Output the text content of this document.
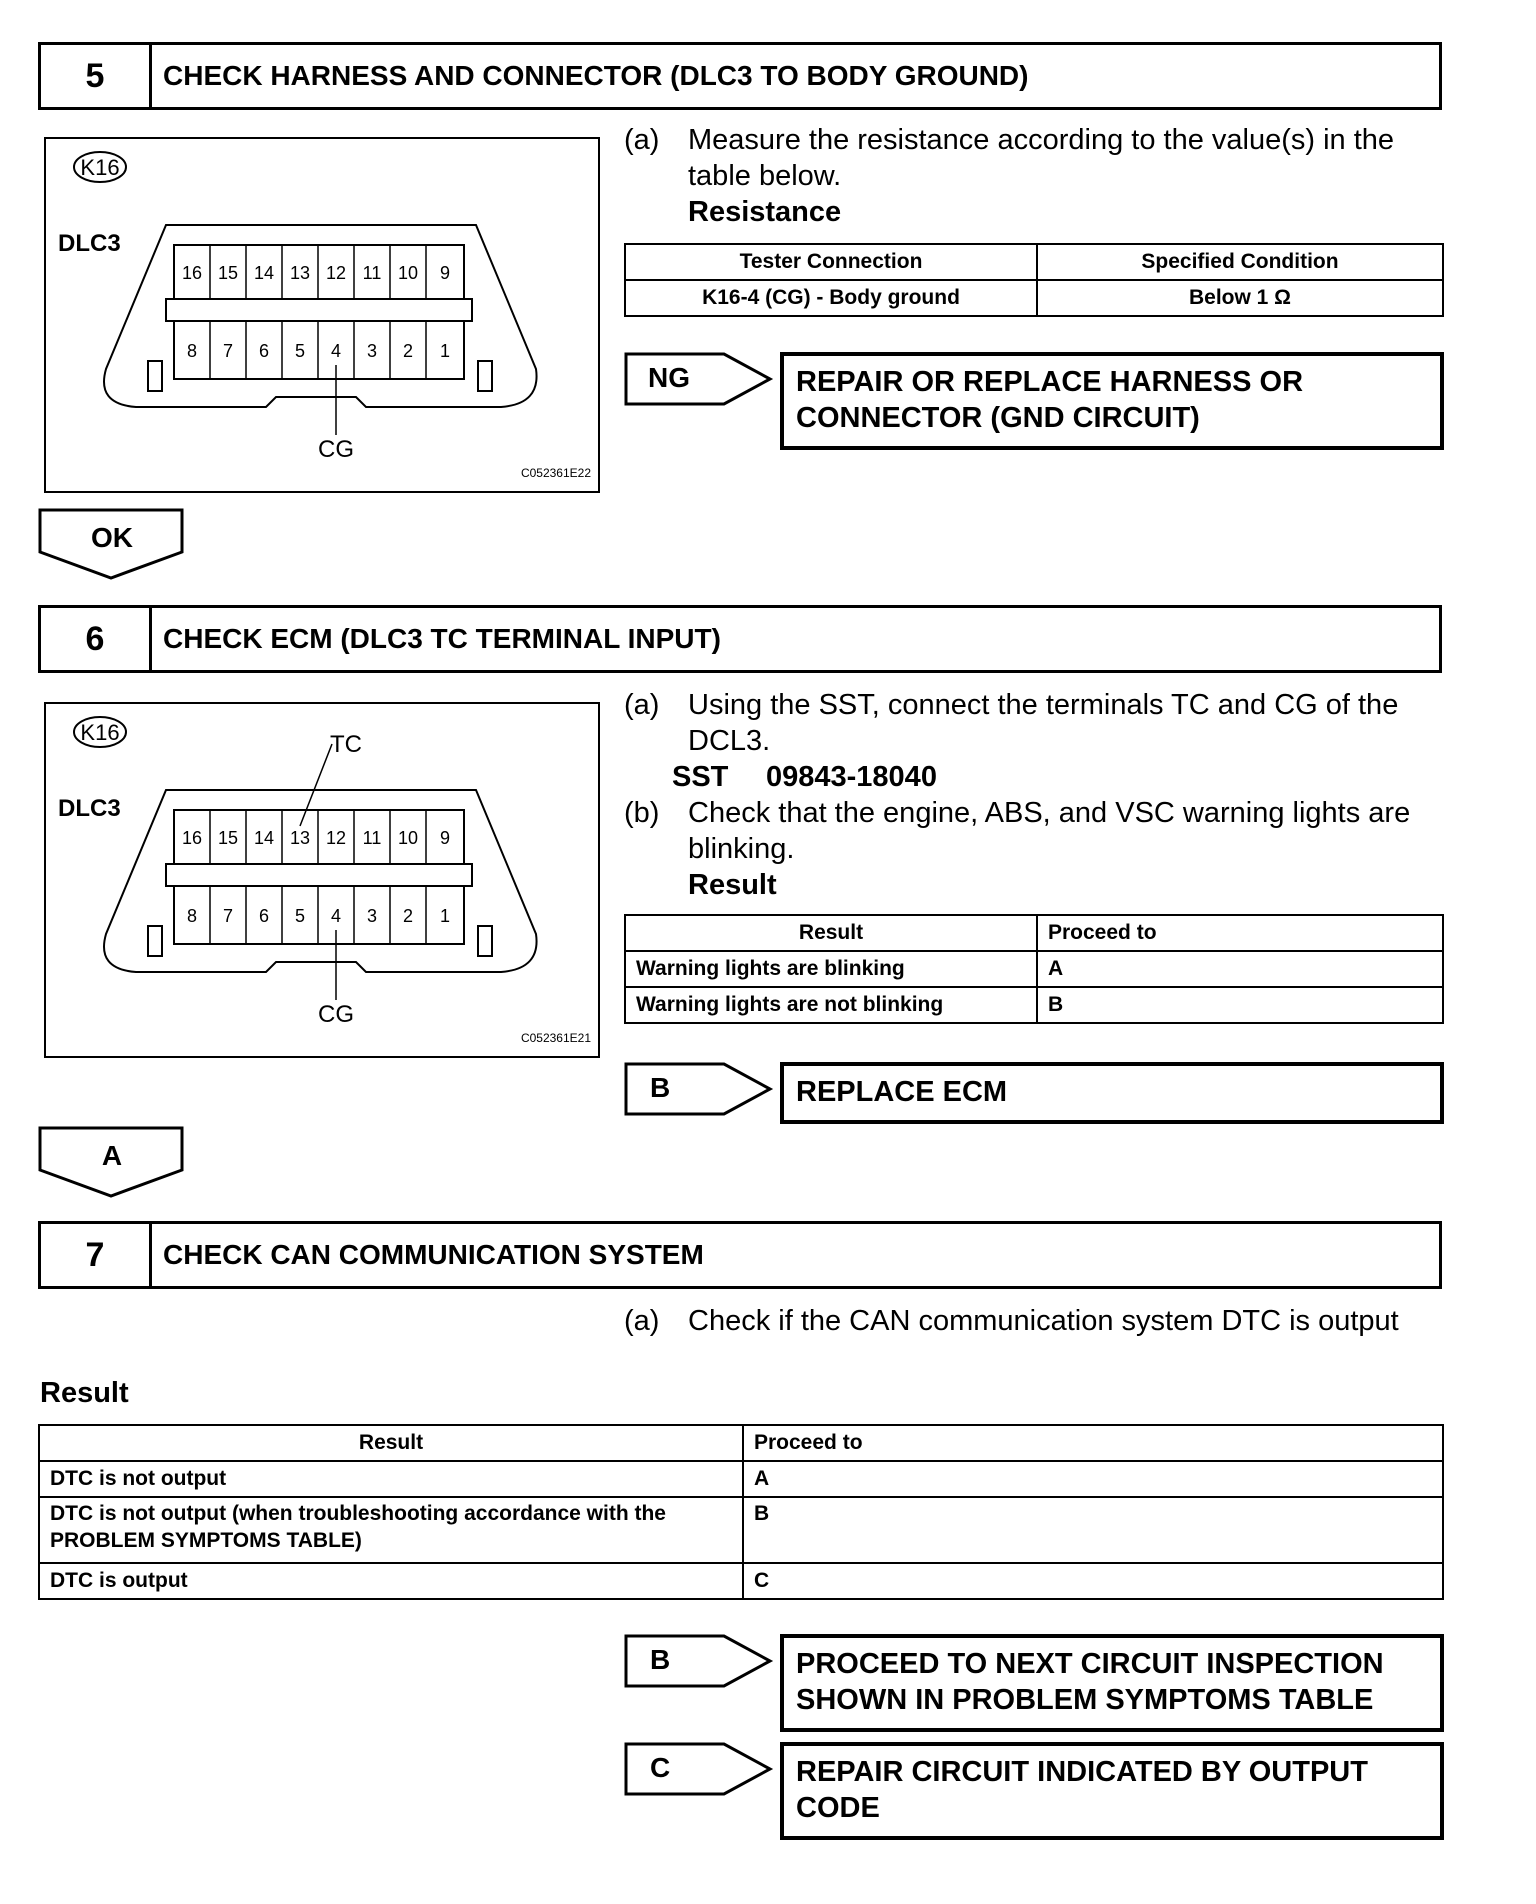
5	CHECK HARNESS AND CONNECTOR (DLC3 TO BODY GROUND)
K16
DLC3
16 15 14 13 12 11 10 9
8 7 6 5 4 3 2 1
CG
C052361E22
(a) Measure the resistance according to the value(s) in the
table below.
Resistance
Tester Connection	Specified Condition
K16-4 (CG) - Body ground	Below 1 Ω
NG	REPAIR OR REPLACE HARNESS OR
CONNECTOR (GND CIRCUIT)
OK
6	CHECK ECM (DLC3 TC TERMINAL INPUT)
K16
DLC3
16 15 14 13 12 11 10 9
8 7 6 5 4 3 2 1
TC
CG
C052361E21
(a) Using the SST, connect the terminals TC and CG of the
DCL3.
SST 09843-18040
(b) Check that the engine, ABS, and VSC warning lights are
blinking.
Result
Result	Proceed to
Warning lights are blinking	A
Warning lights are not blinking	B
B	REPLACE ECM
A
7	CHECK CAN COMMUNICATION SYSTEM
(a) Check if the CAN communication system DTC is output
Result
Result	Proceed to
DTC is not output	A

DTC is not output (when troubleshooting accordance with the
PROBLEM SYMPTOMS TABLE)	B
DTC is output	C
B	PROCEED TO NEXT CIRCUIT INSPECTION
SHOWN IN PROBLEM SYMPTOMS TABLE
C	REPAIR CIRCUIT INDICATED BY OUTPUT
CODE
